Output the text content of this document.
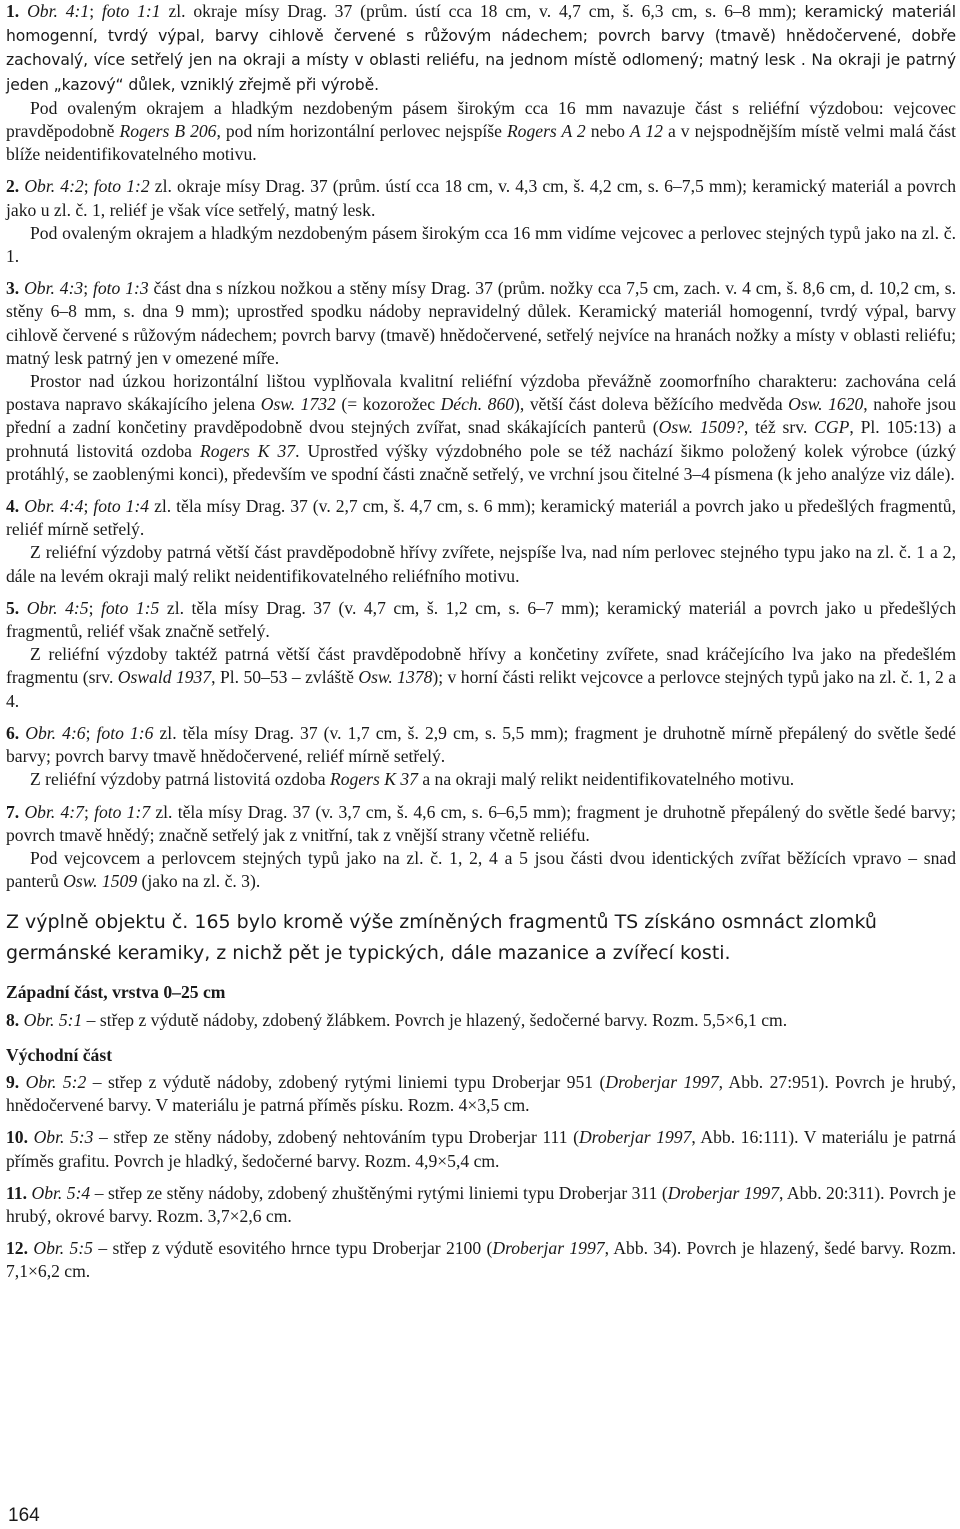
1. Obr. 4:1; foto 1:1 zl. okraje mísy Drag. 37 (prům. ústí cca 18 cm, v. 4,7 cm, š. 6,3 cm, s. 6–8 mm); keramický materiál homogenní, tvrdý výpal, barvy cihlově červené s růžovým nádechem; povrch barvy (tmavě) hnědočervené, dobře zachovalý, více setřelý jen na okraji a místy v oblasti reliéfu, na jednom místě odlomený; matný lesk . Na okraji je patrný jeden „kazový“ důlek, vzniklý zřejmě při výrobě.

Pod ovaleným okrajem a hladkým nezdobeným pásem širokým cca 16 mm navazuje část s reliéfní výzdobou: vejcovec pravděpodobně Rogers B 206, pod ním horizontální perlovec nejspíše Rogers A 2 nebo A 12 a v nejspodnějším místě velmi malá část blíže neidentifikovatelného motivu.

2. Obr. 4:2; foto 1:2 zl. okraje mísy Drag. 37 (prům. ústí cca 18 cm, v. 4,3 cm, š. 4,2 cm, s. 6–7,5 mm); keramický materiál a povrch jako u zl. č. 1, reliéf je však více setřelý, matný lesk.

Pod ovaleným okrajem a hladkým nezdobeným pásem širokým cca 16 mm vidíme vejcovec a perlovec stejných typů jako na zl. č. 1.

3. Obr. 4:3; foto 1:3 část dna s nízkou nožkou a stěny mísy Drag. 37 (prům. nožky cca 7,5 cm, zach. v. 4 cm, š. 8,6 cm, d. 10,2 cm, s. stěny 6–8 mm, s. dna 9 mm); uprostřed spodku nádoby nepravidelný důlek. Keramický materiál homogenní, tvrdý výpal, barvy cihlově červené s růžovým nádechem; povrch barvy (tmavě) hnědočervené, setřelý nejvíce na hranách nožky a místy v oblasti reliéfu; matný lesk patrný jen v omezené míře.

Prostor nad úzkou horizontální lištou vyplňovala kvalitní reliéfní výzdoba převážně zoomorfního charakteru: zachována celá postava napravo skákajícího jelena Osw. 1732 (= kozorožec Déch. 860), větší část doleva běžícího medvěda Osw. 1620, nahoře jsou přední a zadní končetiny pravděpodobně dvou stejných zvířat, snad skákajících panterů (Osw. 1509?, též srv. CGP, Pl. 105:13) a prohnutá listovitá ozdoba Rogers K 37. Uprostřed výšky výzdobného pole se též nachází šikmo položený kolek výrobce (úzký protáhlý, se zaoblenými konci), především ve spodní části značně setřelý, ve vrchní jsou čitelné 3–4 písmena (k jeho analýze viz dále).

4. Obr. 4:4; foto 1:4 zl. těla mísy Drag. 37 (v. 2,7 cm, š. 4,7 cm, s. 6 mm); keramický materiál a povrch jako u předešlých fragmentů, reliéf mírně setřelý.

Z reliéfní výzdoby patrná větší část pravděpodobně hřívy zvířete, nejspíše lva, nad ním perlovec stejného typu jako na zl. č. 1 a 2, dále na levém okraji malý relikt neidentifikovatelného reliéfního motivu.

5. Obr. 4:5; foto 1:5 zl. těla mísy Drag. 37 (v. 4,7 cm, š. 1,2 cm, s. 6–7 mm); keramický materiál a povrch jako u předešlých fragmentů, reliéf však značně setřelý.

Z reliéfní výzdoby taktéž patrná větší část pravděpodobně hřívy a končetiny zvířete, snad kráčejícího lva jako na předešlém fragmentu (srv. Oswald 1937, Pl. 50–53 – zvláště Osw. 1378); v horní části relikt vejcovce a perlovce stejných typů jako na zl. č. 1, 2 a 4.

6. Obr. 4:6; foto 1:6 zl. těla mísy Drag. 37 (v. 1,7 cm, š. 2,9 cm, s. 5,5 mm); fragment je druhotně mírně přepálený do světle šedé barvy; povrch barvy tmavě hnědočervené, reliéf mírně setřelý.

Z reliéfní výzdoby patrná listovitá ozdoba Rogers K 37 a na okraji malý relikt neidentifikovatelného motivu.

7. Obr. 4:7; foto 1:7 zl. těla mísy Drag. 37 (v. 3,7 cm, š. 4,6 cm, s. 6–6,5 mm); fragment je druhotně přepálený do světle šedé barvy; povrch tmavě hnědý; značně setřelý jak z vnitřní, tak z vnější strany včetně reliéfu.

Pod vejcovcem a perlovcem stejných typů jako na zl. č. 1, 2, 4 a 5 jsou části dvou identických zvířat běžících vpravo – snad panterů Osw. 1509 (jako na zl. č. 3).

Z výplně objektu č. 165 bylo kromě výše zmíněných fragmentů TS získáno osmnáct zlomků germánské keramiky, z nichž pět je typických, dále mazanice a zvířecí kosti.

Západní část, vrstva 0–25 cm

8. Obr. 5:1 – střep z výdutě nádoby, zdobený žlábkem. Povrch je hlazený, šedočerné barvy. Rozm. 5,5×6,1 cm.

Východní část

9. Obr. 5:2 – střep z výdutě nádoby, zdobený rytými liniemi typu Droberjar 951 (Droberjar 1997, Abb. 27:951). Povrch je hrubý, hnědočervené barvy. V materiálu je patrná příměs písku. Rozm. 4×3,5 cm.

10. Obr. 5:3 – střep ze stěny nádoby, zdobený nehtováním typu Droberjar 111 (Droberjar 1997, Abb. 16:111). V materiálu je patrná příměs grafitu. Povrch je hladký, šedočerné barvy. Rozm. 4,9×5,4 cm.

11. Obr. 5:4 – střep ze stěny nádoby, zdobený zhuštěnými rytými liniemi typu Droberjar 311 (Droberjar 1997, Abb. 20:311). Povrch je hrubý, okrové barvy. Rozm. 3,7×2,6 cm.

12. Obr. 5:5 – střep z výdutě esovitého hrnce typu Droberjar 2100 (Droberjar 1997, Abb. 34). Povrch je hlazený, šedé barvy. Rozm. 7,1×6,2 cm.

164
